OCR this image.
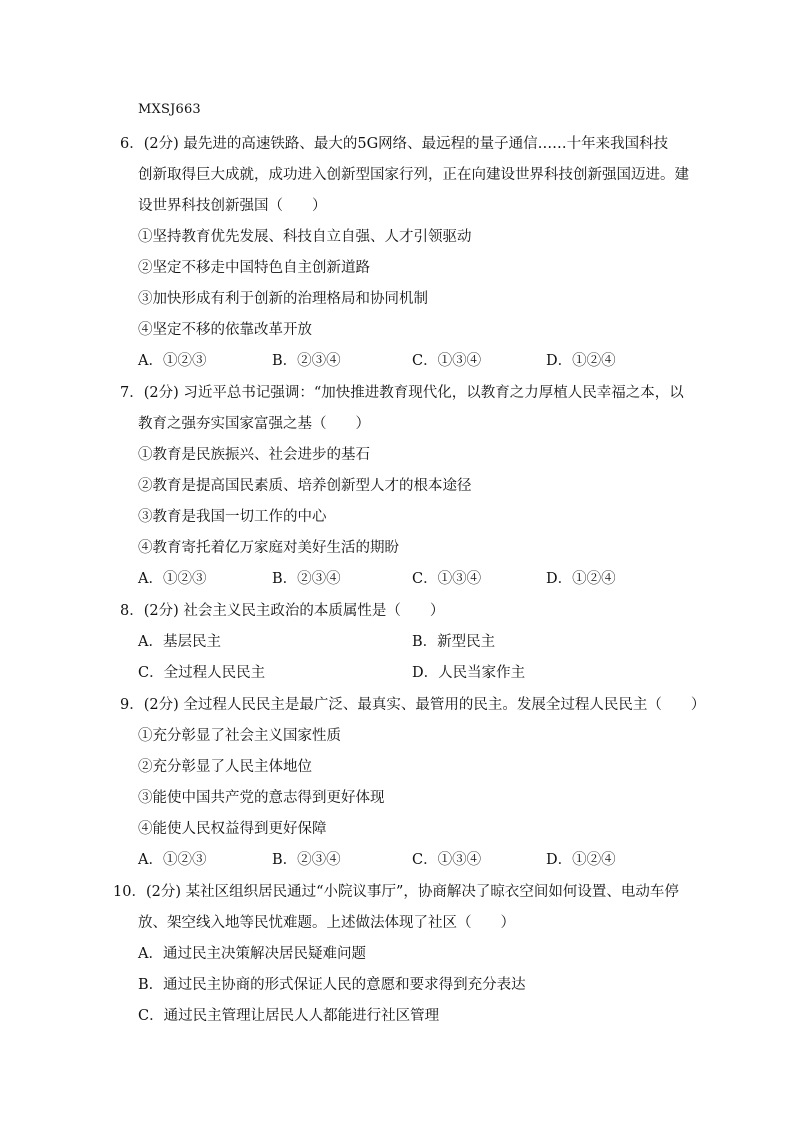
MXSJ663
6．(2分) 最先进的高速铁路、最大的5G网络、最远程的量子通信……十年来我国科技
创新取得巨大成就，成功进入创新型国家行列，正在向建设世界科技创新强国迈进。建
设世界科技创新强国（　　）
①坚持教育优先发展、科技自立自强、人才引领驱动
②坚定不移走中国特色自主创新道路
③加快形成有利于创新的治理格局和协同机制
④坚定不移的依靠改革开放
A．①②③	B．②③④	C．①③④	D．①②④
7．(2分) 习近平总书记强调：“加快推进教育现代化，以教育之力厚植人民幸福之本，以
教育之强夯实国家富强之基（　　）
①教育是民族振兴、社会进步的基石
②教育是提高国民素质、培养创新型人才的根本途径
③教育是我国一切工作的中心
④教育寄托着亿万家庭对美好生活的期盼
A．①②③	B．②③④	C．①③④	D．①②④
8．(2分) 社会主义民主政治的本质属性是（　　）
A．基层民主	B．新型民主
C．全过程人民民主	D．人民当家作主
9．(2分) 全过程人民民主是最广泛、最真实、最管用的民主。发展全过程人民民主（　　）
①充分彰显了社会主义国家性质
②充分彰显了人民主体地位
③能使中国共产党的意志得到更好体现
④能使人民权益得到更好保障
A．①②③	B．②③④	C．①③④	D．①②④
10．(2分) 某社区组织居民通过“小院议事厅”，协商解决了晾衣空间如何设置、电动车停
放、架空线入地等民忧难题。上述做法体现了社区（　　）
A．通过民主决策解决居民疑难问题
B．通过民主协商的形式保证人民的意愿和要求得到充分表达
C．通过民主管理让居民人人都能进行社区管理
